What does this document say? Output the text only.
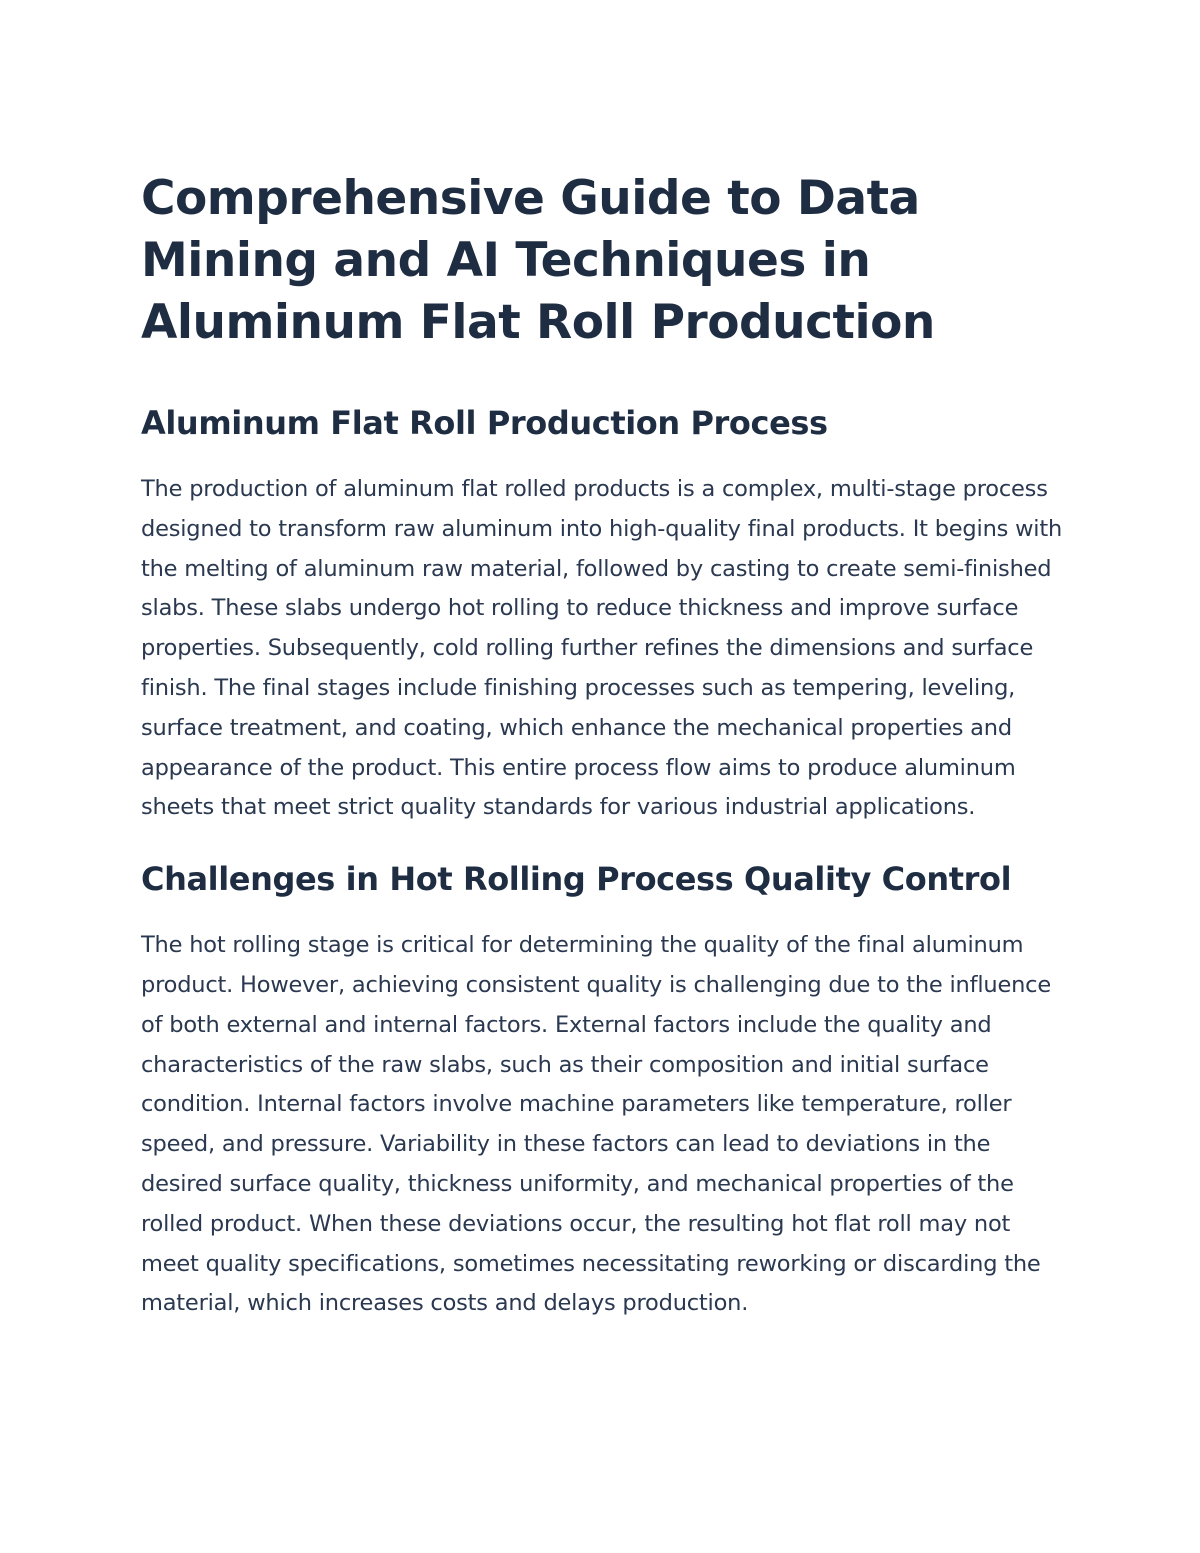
Comprehensive Guide to Data Mining and AI Techniques in Aluminum Flat Roll Production
Aluminum Flat Roll Production Process

The production of aluminum flat rolled products is a complex, multi-stage process designed to transform raw aluminum into high-quality final products. It begins with the melting of aluminum raw material, followed by casting to create semi-finished slabs. These slabs undergo hot rolling to reduce thickness and improve surface properties. Subsequently, cold rolling further refines the dimensions and surface finish. The final stages include finishing processes such as tempering, leveling, surface treatment, and coating, which enhance the mechanical properties and appearance of the product. This entire process flow aims to produce aluminum sheets that meet strict quality standards for various industrial applications.

Challenges in Hot Rolling Process Quality Control

The hot rolling stage is critical for determining the quality of the final aluminum product. However, achieving consistent quality is challenging due to the influence of both external and internal factors. External factors include the quality and characteristics of the raw slabs, such as their composition and initial surface condition. Internal factors involve machine parameters like temperature, roller speed, and pressure. Variability in these factors can lead to deviations in the desired surface quality, thickness uniformity, and mechanical properties of the rolled product. When these deviations occur, the resulting hot flat roll may not meet quality specifications, sometimes necessitating reworking or discarding the material, which increases costs and delays production.
